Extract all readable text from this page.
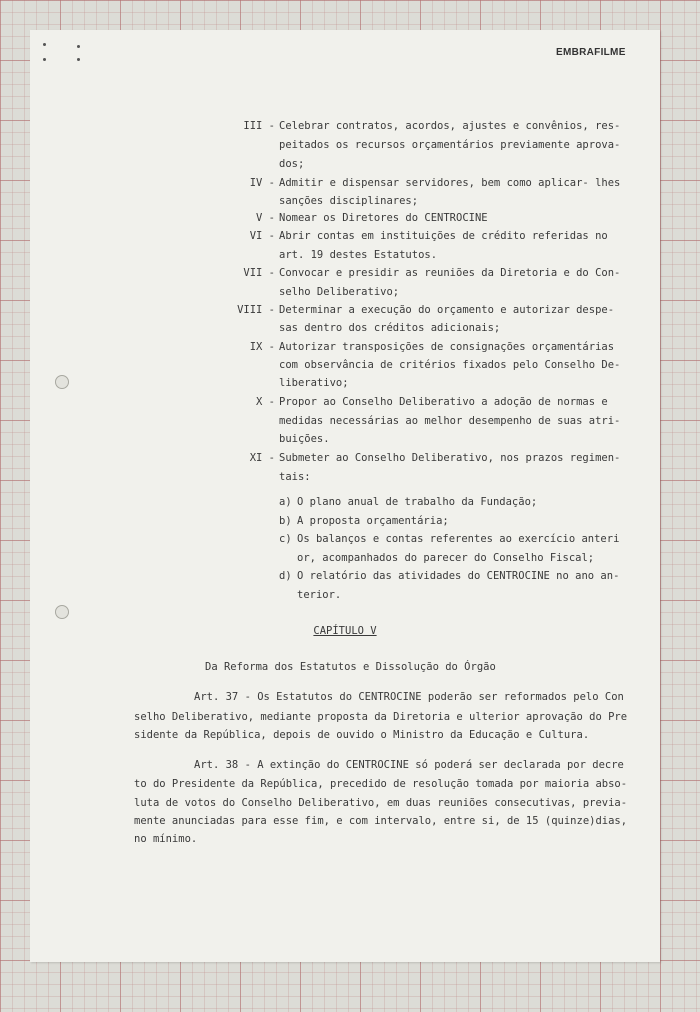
EMBRAFILME
III - Celebrar contratos, acordos, ajustes e convênios, res-
peitados os recursos orçamentários previamente aprova-
dos;
IV - Admitir e dispensar servidores, bem como aplicar- lhes
sanções disciplinares;
V - Nomear os Diretores do CENTROCINE
VI - Abrir contas em instituições de crédito referidas no
art. 19 destes Estatutos.
VII - Convocar e presidir as reuniões da Diretoria e do Con-
selho Deliberativo;
VIII - Determinar a execução do orçamento e autorizar despe-
sas dentro dos créditos adicionais;
IX - Autorizar transposições de consignações orçamentárias
com observância de critérios fixados pelo Conselho De-
liberativo;
X - Propor ao Conselho Deliberativo a adoção de normas e
medidas necessárias ao melhor desempenho de suas atri-
buições.
XI - Submeter ao Conselho Deliberativo, nos prazos regimen-
tais:
a) O plano anual de trabalho da Fundação;
b) A proposta orçamentária;
c) Os balanços e contas referentes ao exercício anteri
or, acompanhados do parecer do Conselho Fiscal;
d) O relatório das atividades do CENTROCINE no ano an-
terior.
CAPÍTULO V
Da Reforma dos Estatutos e Dissolução do Órgão
Art. 37 - Os Estatutos do CENTROCINE poderão ser reformados pelo Con
selho Deliberativo, mediante proposta da Diretoria e ulterior aprovação do Pre
sidente da República, depois de ouvido o Ministro da Educação e Cultura.
Art. 38 - A extinção do CENTROCINE só poderá ser declarada por decre
to do Presidente da República, precedido de resolução tomada por maioria abso-
luta de votos do Conselho Deliberativo, em duas reuniões consecutivas, previa-
mente anunciadas para esse fim, e com intervalo, entre si, de 15 (quinze)dias,
no mínimo.
